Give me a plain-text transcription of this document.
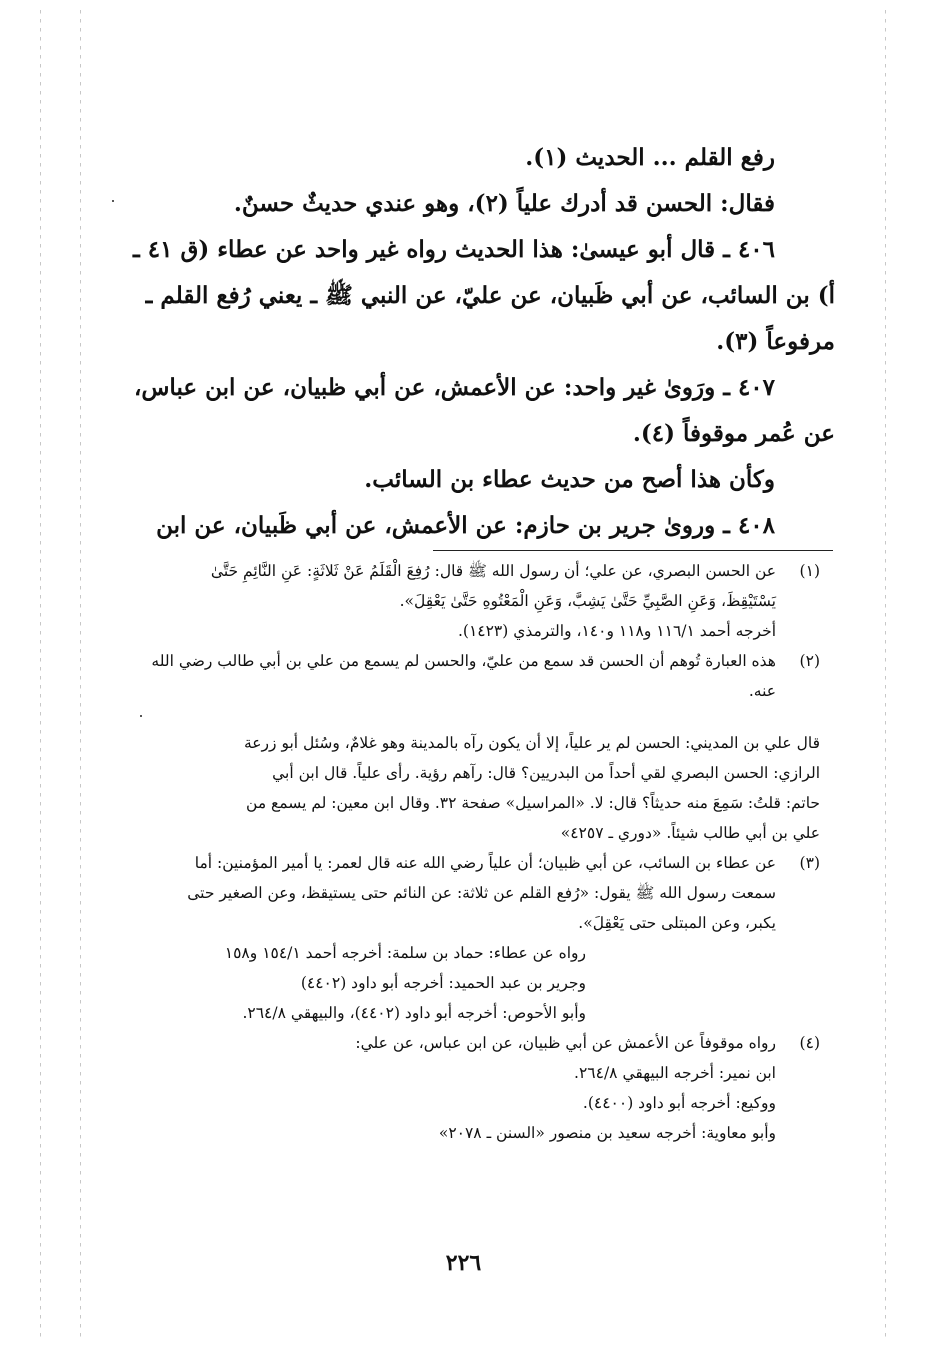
رفع القلم ... الحديث (١).

فقال: الحسن قد أدرك علياً (٢)، وهو عندي حديثٌ حسنٌ.

٤٠٦ ـ قال أبو عيسىٰ: هذا الحديث رواه غير واحد عن عطاء (ق ٤١ ـ

أ) بن السائب، عن أبي ظَبيان، عن عليّ، عن النبي ﷺ ـ يعني رُفع القلم ـ

مرفوعاً (٣).

٤٠٧ ـ ورَوىٰ غير واحد: عن الأعمش، عن أبي ظبيان، عن ابن عباس،

عن عُمر موقوفاً (٤).

وكأن هذا أصح من حديث عطاء بن السائب.

٤٠٨ ـ وروىٰ جرير بن حازم: عن الأعمش، عن أبي ظَبيان، عن ابن

(١)

عن الحسن البصري، عن علي؛ أن رسول الله ﷺ قال: رُفِعَ الْقَلَمُ عَنْ ثَلاثَةٍ: عَنِ النَّائِمِ حَتَّىٰ

يَسْتَيْقِظَ، وَعَنِ الصَّبِيِّ حَتَّىٰ يَشِبَّ، وَعَنِ الْمَعْتُوهِ حَتَّىٰ يَعْقِلَ».

أخرجه أحمد ١١٦/١ و١١٨ و١٤٠، والترمذي (١٤٢٣).

(٢)

هذه العبارة تُوهم أن الحسن قد سمع من عليّ، والحسن لم يسمع من علي بن أبي طالب رضي الله

عنه.

قال علي بن المديني: الحسن لم ير علياً، إلا أن يكون رآه بالمدينة وهو غلامٌ، وسُئل أبو زرعة

الرازي: الحسن البصري لقي أحداً من البدريين؟ قال: رآهم رؤية. رأى علياً. قال ابن أبي

حاتم: قلتُ: سَمِعَ منه حديثاً؟ قال: لا. «المراسيل» صفحة ٣٢. وقال ابن معين: لم يسمع من

علي بن أبي طالب شيئاً. «دوري ـ ٤٢٥٧»

(٣)

عن عطاء بن السائب، عن أبي ظبيان؛ أن علياً رضي الله عنه قال لعمر: يا أمير المؤمنين: أما

سمعت رسول الله ﷺ يقول: «رُفع القلم عن ثلاثة: عن النائم حتى يستيقظ، وعن الصغير حتى

يكبر، وعن المبتلى حتى يَعْقِلَ».

رواه عن عطاء: حماد بن سلمة: أخرجه أحمد ١٥٤/١ و١٥٨

وجرير بن عبد الحميد: أخرجه أبو داود (٤٤٠٢)

وأبو الأحوص: أخرجه أبو داود (٤٤٠٢)، والبيهقي ٢٦٤/٨.

(٤)

رواه موقوفاً عن الأعمش عن أبي ظبيان، عن ابن عباس، عن علي:

ابن نمير: أخرجه البيهقي ٢٦٤/٨.

ووكيع: أخرجه أبو داود (٤٤٠٠).

وأبو معاوية: أخرجه سعيد بن منصور «السنن ـ ٢٠٧٨»

٢٢٦
